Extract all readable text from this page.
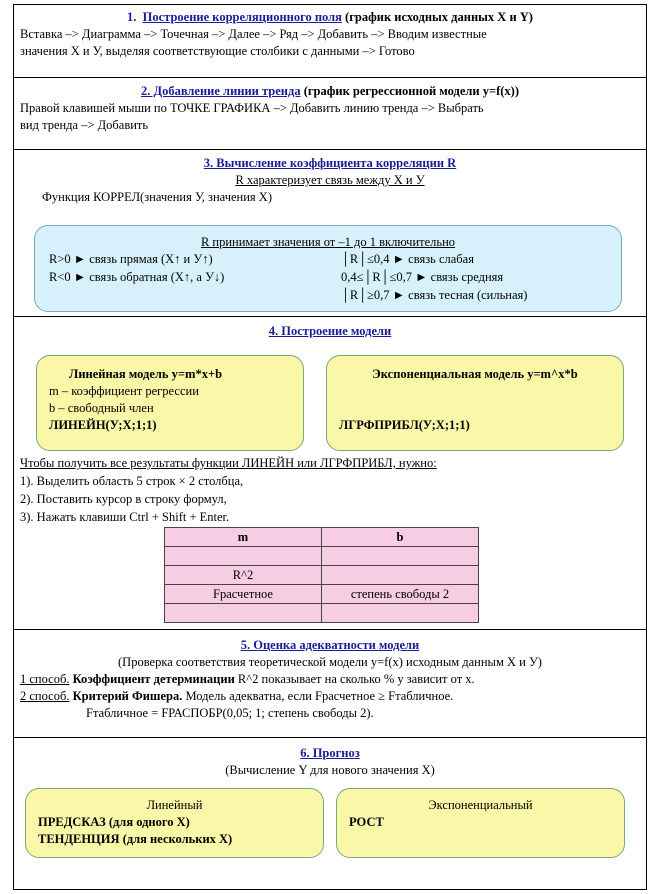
1. Построение корреляционного поля (график исходных данных X и Y)
Вставка –> Диаграмма –> Точечная –> Далее –> Ряд –> Добавить –> Вводим известные
значения X и У, выделяя соответствующие столбики с данными –> Готово
2. Добавление линии тренда (график регрессионной модели y=f(x))
Правой клавишей мыши по ТОЧКЕ ГРАФИКА –> Добавить линию тренда –> Выбрать
вид тренда –> Добавить
3. Вычисление коэффициента корреляции R
R характеризует связь между X и У
Функция КОРРЕЛ(значения У, значения X)
R принимает значения от –1 до 1 включительно
R>0 ► связь прямая (X↑ и У↑)
R<0 ► связь обратная (X↑, а У↓)
│R│≤0,4 ► связь слабая
0,4≤│R│≤0,7 ► связь средняя
│R│≥0,7 ► связь тесная (сильная)
4. Построение модели
Линейная модель y=m*x+b
m – коэффициент регрессии
b – свободный член
ЛИНЕЙН(У;X;1;1)
Экспоненциальная модель y=m^x*b
ЛГРФПРИБЛ(У;X;1;1)
Чтобы получить все результаты функции ЛИНЕЙН или ЛГРФПРИБЛ, нужно:
1). Выделить область 5 строк × 2 столбца,
2). Поставить курсор в строку формул,
3). Нажать клавиши Ctrl + Shift + Enter.
m	b

R^2	
Fрасчетное	степень свободы 2

5. Оценка адекватности модели
(Проверка соответствия теоретической модели y=f(x) исходным данным X и У)
1 способ. Коэффициент детерминации R^2 показывает на сколько % у зависит от x.
2 способ. Критерий Фишера. Модель адекватна, если Fрасчетное ≥ Fтабличное.
Fтабличное = FРАСПОБР(0,05; 1; степень свободы 2).
6. Прогноз
(Вычисление Y для нового значения X)
Линейный
ПРЕДСКАЗ (для одного X)
ТЕНДЕНЦИЯ (для нескольких X)
Экспоненциальный
РОСТ
